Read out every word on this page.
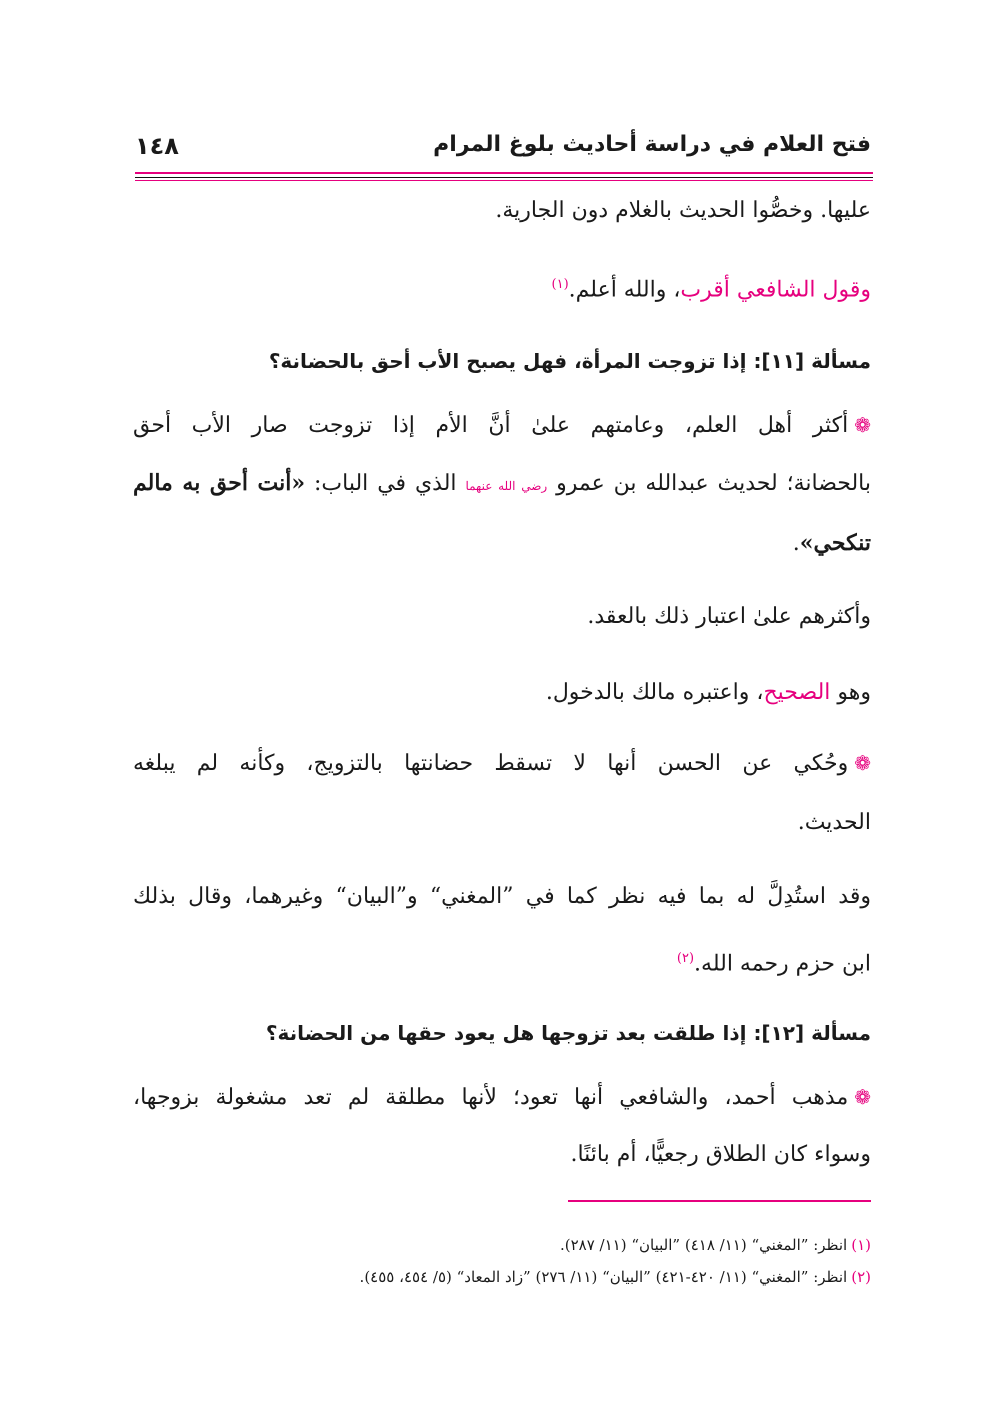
فتح العلام في دراسة أحاديث بلوغ المرام
١٤٨
عليها. وخصُّوا الحديث بالغلام دون الجارية.
وقول الشافعي أقرب، والله أعلم.$^{(١)}$
مسألة [١١]: إذا تزوجت المرأة، فهل يصبح الأب أحق بالحضانة؟
❁أكثر أهل العلم، وعامتهم علىٰ أنَّ الأم إذا تزوجت صار الأب أحق
بالحضانة؛ لحديث عبدالله بن عمرو رضي الله عنهما الذي في الباب: «أنت أحق به مالم
تنكحي».
وأكثرهم علىٰ اعتبار ذلك بالعقد.
وهو الصحيح، واعتبره مالك بالدخول.
❁وحُكي عن الحسن أنها لا تسقط حضانتها بالتزويج، وكأنه لم يبلغه
الحديث.
وقد استُدِلَّ له بما فيه نظر كما في ”المغني“ و”البيان“ وغيرهما، وقال بذلك
ابن حزم رحمه الله.$^{(٢)}$
مسألة [١٢]: إذا طلقت بعد تزوجها هل يعود حقها من الحضانة؟
❁مذهب أحمد، والشافعي أنها تعود؛ لأنها مطلقة لم تعد مشغولة بزوجها،
وسواء كان الطلاق رجعيًّا، أم بائنًا.
(١)انظر: ”المغني“ (١١/ ٤١٨) ”البيان“ (١١/ ٢٨٧).
(٢)انظر: ”المغني“ (١١/ ٤٢٠-٤٢١) ”البيان“ (١١/ ٢٧٦) ”زاد المعاد“ (٥/ ٤٥٤، ٤٥٥).
